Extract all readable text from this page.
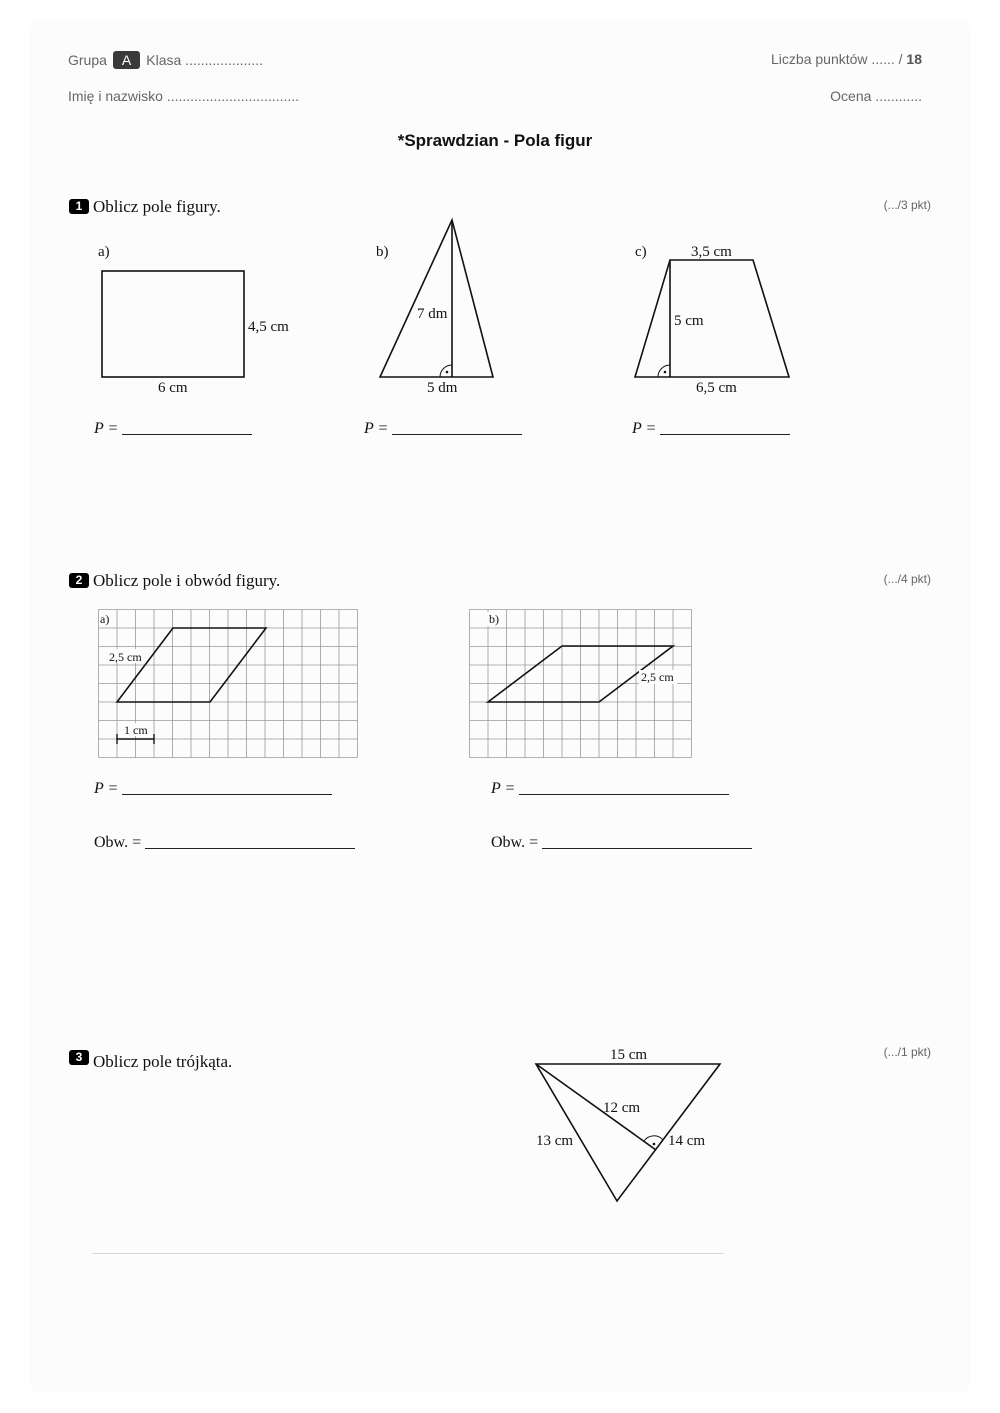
Grupa A Klasa ....................	Liczba punktów ...... / 18
Imię i nazwisko ..................................	Ocena ............
*Sprawdzian - Pola figur
1 Oblicz pole figury.	(.../3 pkt)
a)
4,5 cm
6 cm
b)
7 dm
5 dm
c)	3,5 cm
5 cm
6,5 cm
P =	P =	P =
2 Oblicz pole i obwód figury.	(.../4 pkt)
a)
2,5 cm
1 cm
b)
2,5 cm
P =	P =
Obw. =	Obw. =
3 Oblicz pole trójkąta.	(.../1 pkt)
15 cm
12 cm
13 cm	14 cm
